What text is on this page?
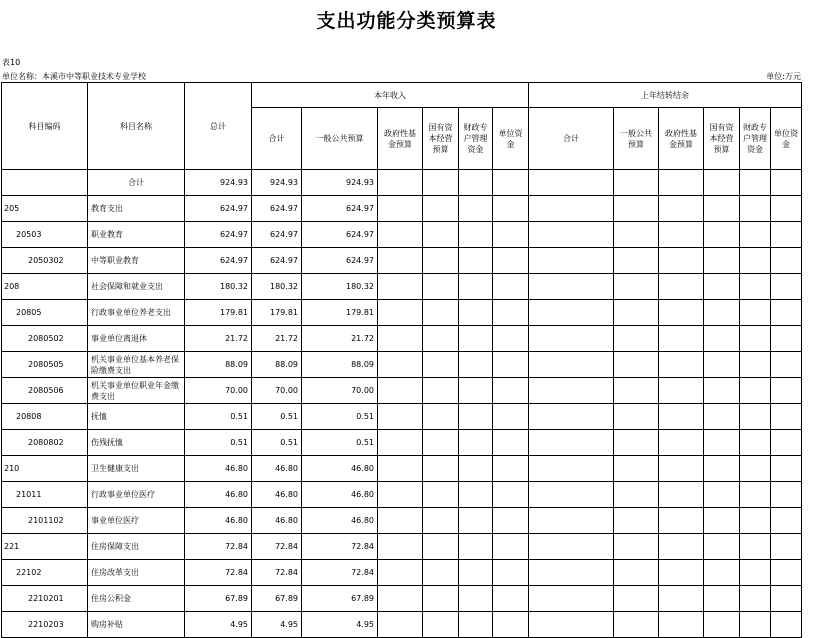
支出功能分类预算表
表10
单位名称：本溪市中等职业技术专业学校	单位:万元
科目编码	科目名称	总计	本年收入						上年结转结余					
			合计	一般公共预算	政府性基金预算	国有资本经营预算	财政专户管理资金	单位资金	合计	一般公共预算	政府性基金预算	国有资本经营预算	财政专户管理资金	单位资金
	合计	924.93	924.93	924.93										
205	教育支出	624.97	624.97	624.97										
20503	职业教育	624.97	624.97	624.97										
2050302	中等职业教育	624.97	624.97	624.97										
208	社会保障和就业支出	180.32	180.32	180.32										
20805	行政事业单位养老支出	179.81	179.81	179.81										
2080502	事业单位离退休	21.72	21.72	21.72										
2080505	机关事业单位基本养老保险缴费支出	88.09	88.09	88.09										
2080506	机关事业单位职业年金缴费支出	70.00	70.00	70.00										
20808	抚恤	0.51	0.51	0.51										
2080802	伤残抚恤	0.51	0.51	0.51										
210	卫生健康支出	46.80	46.80	46.80										
21011	行政事业单位医疗	46.80	46.80	46.80										
2101102	事业单位医疗	46.80	46.80	46.80										
221	住房保障支出	72.84	72.84	72.84										
22102	住房改革支出	72.84	72.84	72.84										
2210201	住房公积金	67.89	67.89	67.89										
2210203	购房补贴	4.95	4.95	4.95										
